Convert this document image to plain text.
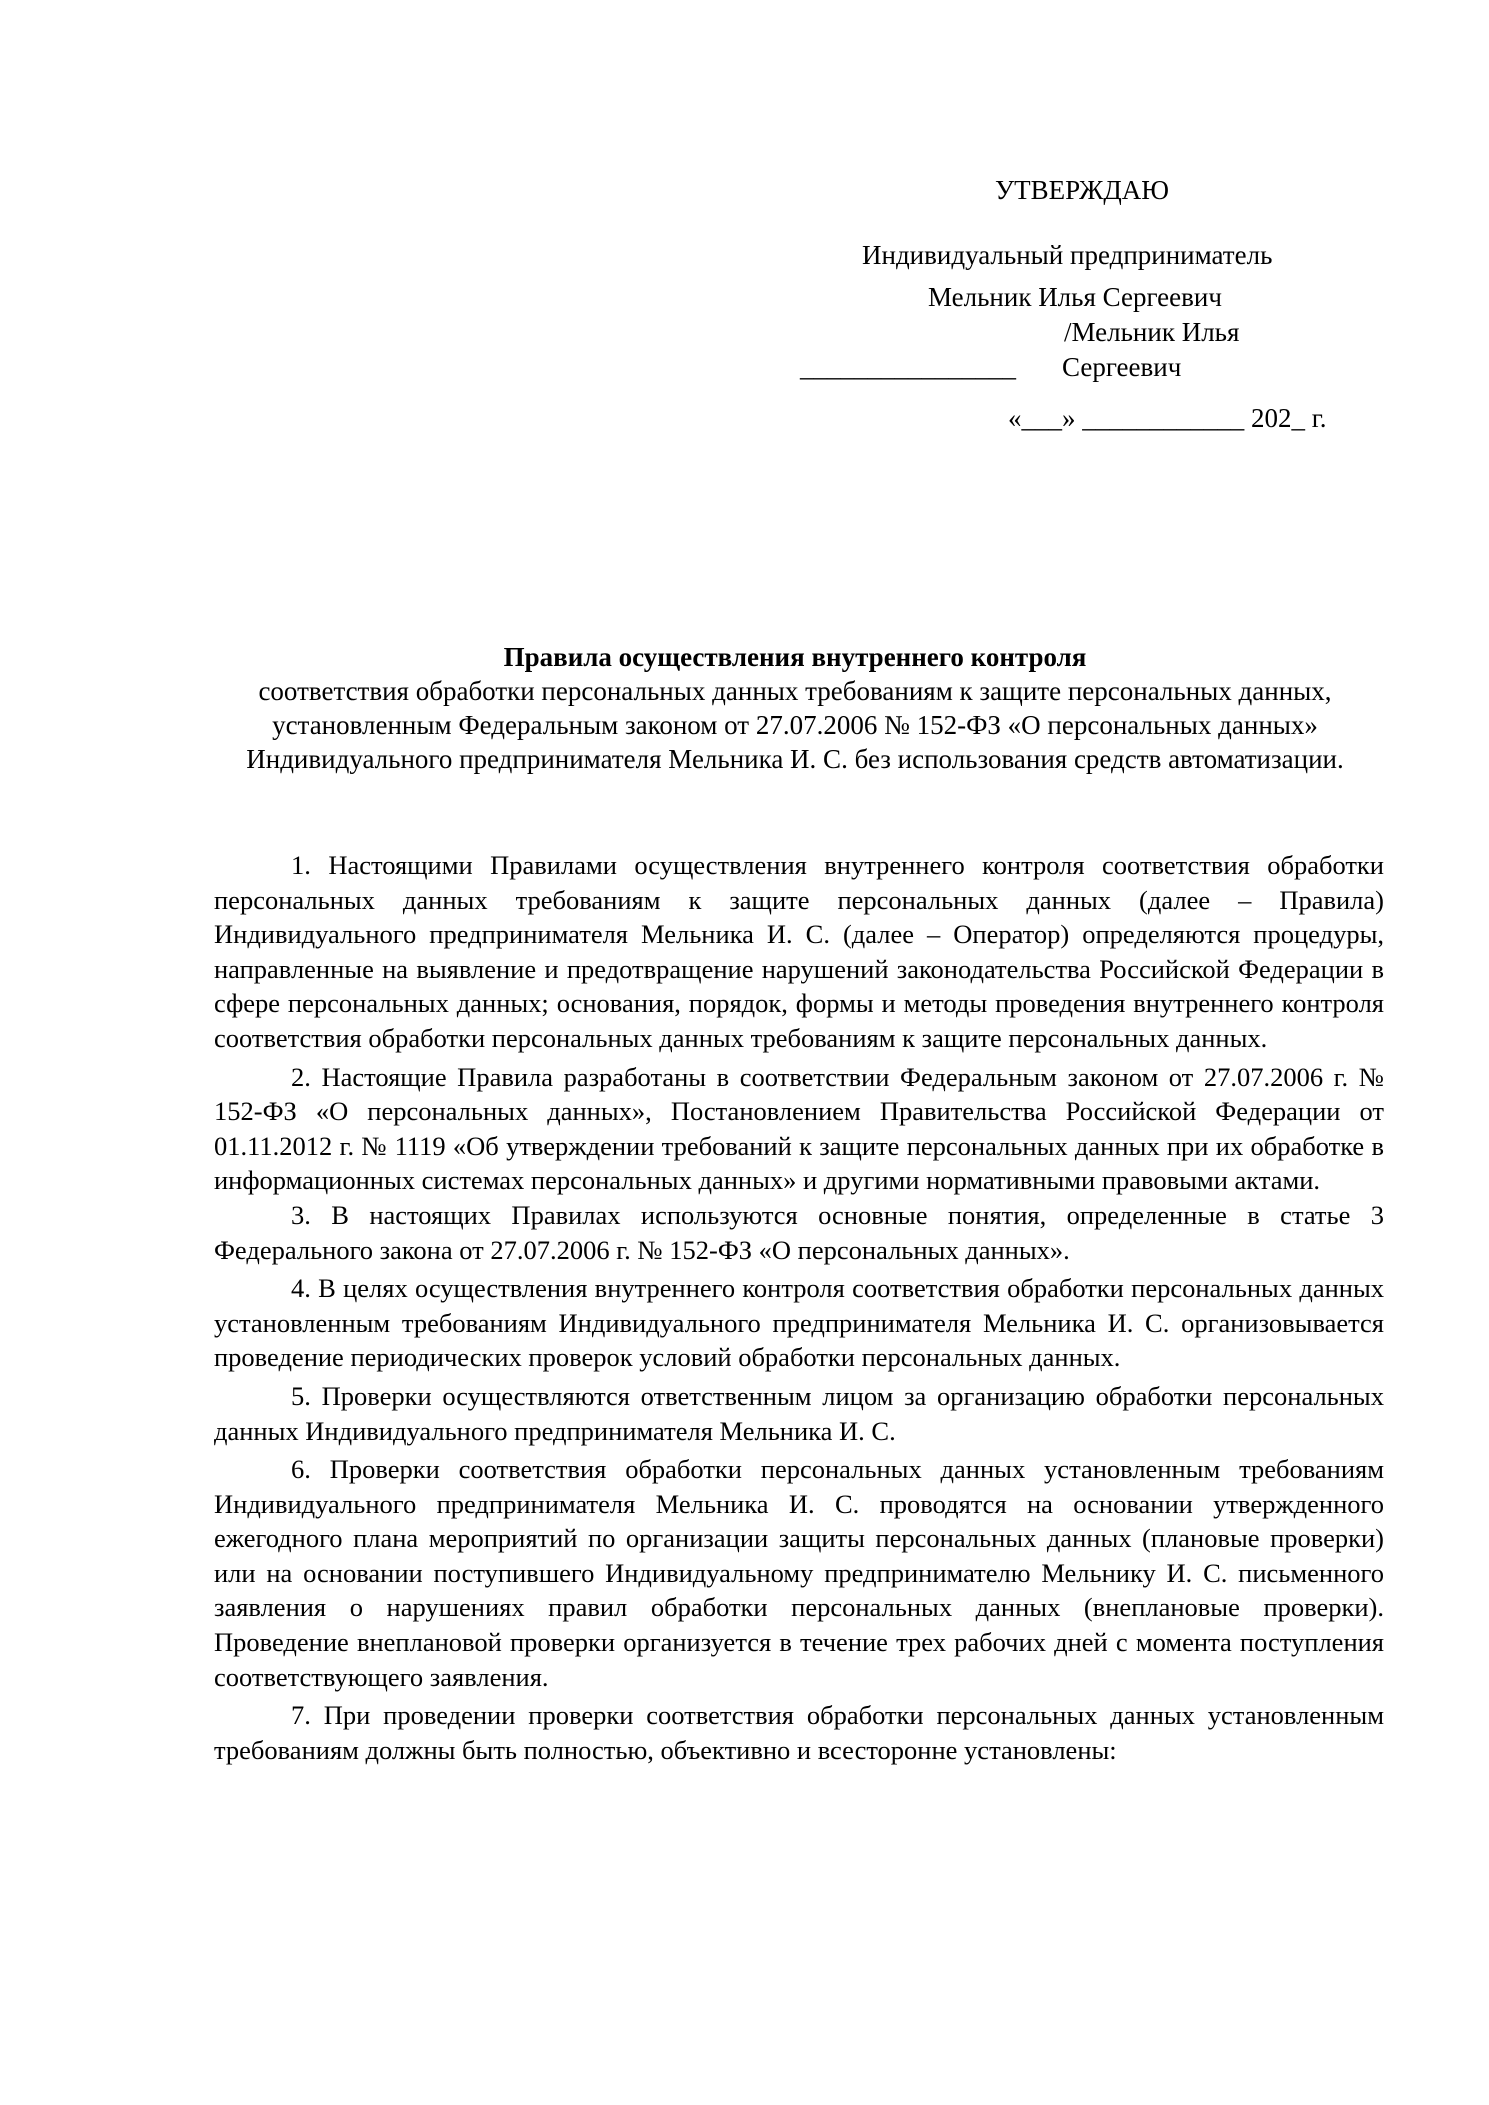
УТВЕРЖДАЮ
Индивидуальный предприниматель
Мельник Илья Сергеевич
/Мельник Илья
________________ Сергеевич
«___» ____________ 202_ г.
Правила осуществления внутреннего контроля
соответствия обработки персональных данных требованиям к защите персональных данных, установленным Федеральным законом от 27.07.2006 № 152-ФЗ «О персональных данных» Индивидуального предпринимателя Мельника И. С. без использования средств автоматизации.

1. Настоящими Правилами осуществления внутреннего контроля соответствия обработки персональных данных требованиям к защите персональных данных (далее – Правила) Индивидуального предпринимателя Мельника И. С. (далее – Оператор) определяются процедуры, направленные на выявление и предотвращение нарушений законодательства Российской Федерации в сфере персональных данных; основания, порядок, формы и методы проведения внутреннего контроля соответствия обработки персональных данных требованиям к защите персональных данных.

2. Настоящие Правила разработаны в соответствии Федеральным законом от 27.07.2006 г. № 152-ФЗ «О персональных данных», Постановлением Правительства Российской Федерации от 01.11.2012 г. № 1119 «Об утверждении требований к защите персональных данных при их обработке в информационных системах персональных данных» и другими нормативными правовыми актами.

3. В настоящих Правилах используются основные понятия, определенные в статье 3 Федерального закона от 27.07.2006 г. № 152-ФЗ «О персональных данных».

4. В целях осуществления внутреннего контроля соответствия обработки персональных данных установленным требованиям Индивидуального предпринимателя Мельника И. С. организовывается проведение периодических проверок условий обработки персональных данных.

5. Проверки осуществляются ответственным лицом за организацию обработки персональных данных Индивидуального предпринимателя Мельника И. С.

6. Проверки соответствия обработки персональных данных установленным требованиям Индивидуального предпринимателя Мельника И. С. проводятся на основании утвержденного ежегодного плана мероприятий по организации защиты персональных данных (плановые проверки) или на основании поступившего Индивидуальному предпринимателю Мельнику И. С. письменного заявления о нарушениях правил обработки персональных данных (внеплановые проверки). Проведение внеплановой проверки организуется в течение трех рабочих дней с момента поступления соответствующего заявления.

7. При проведении проверки соответствия обработки персональных данных установленным требованиям должны быть полностью, объективно и всесторонне установлены:
